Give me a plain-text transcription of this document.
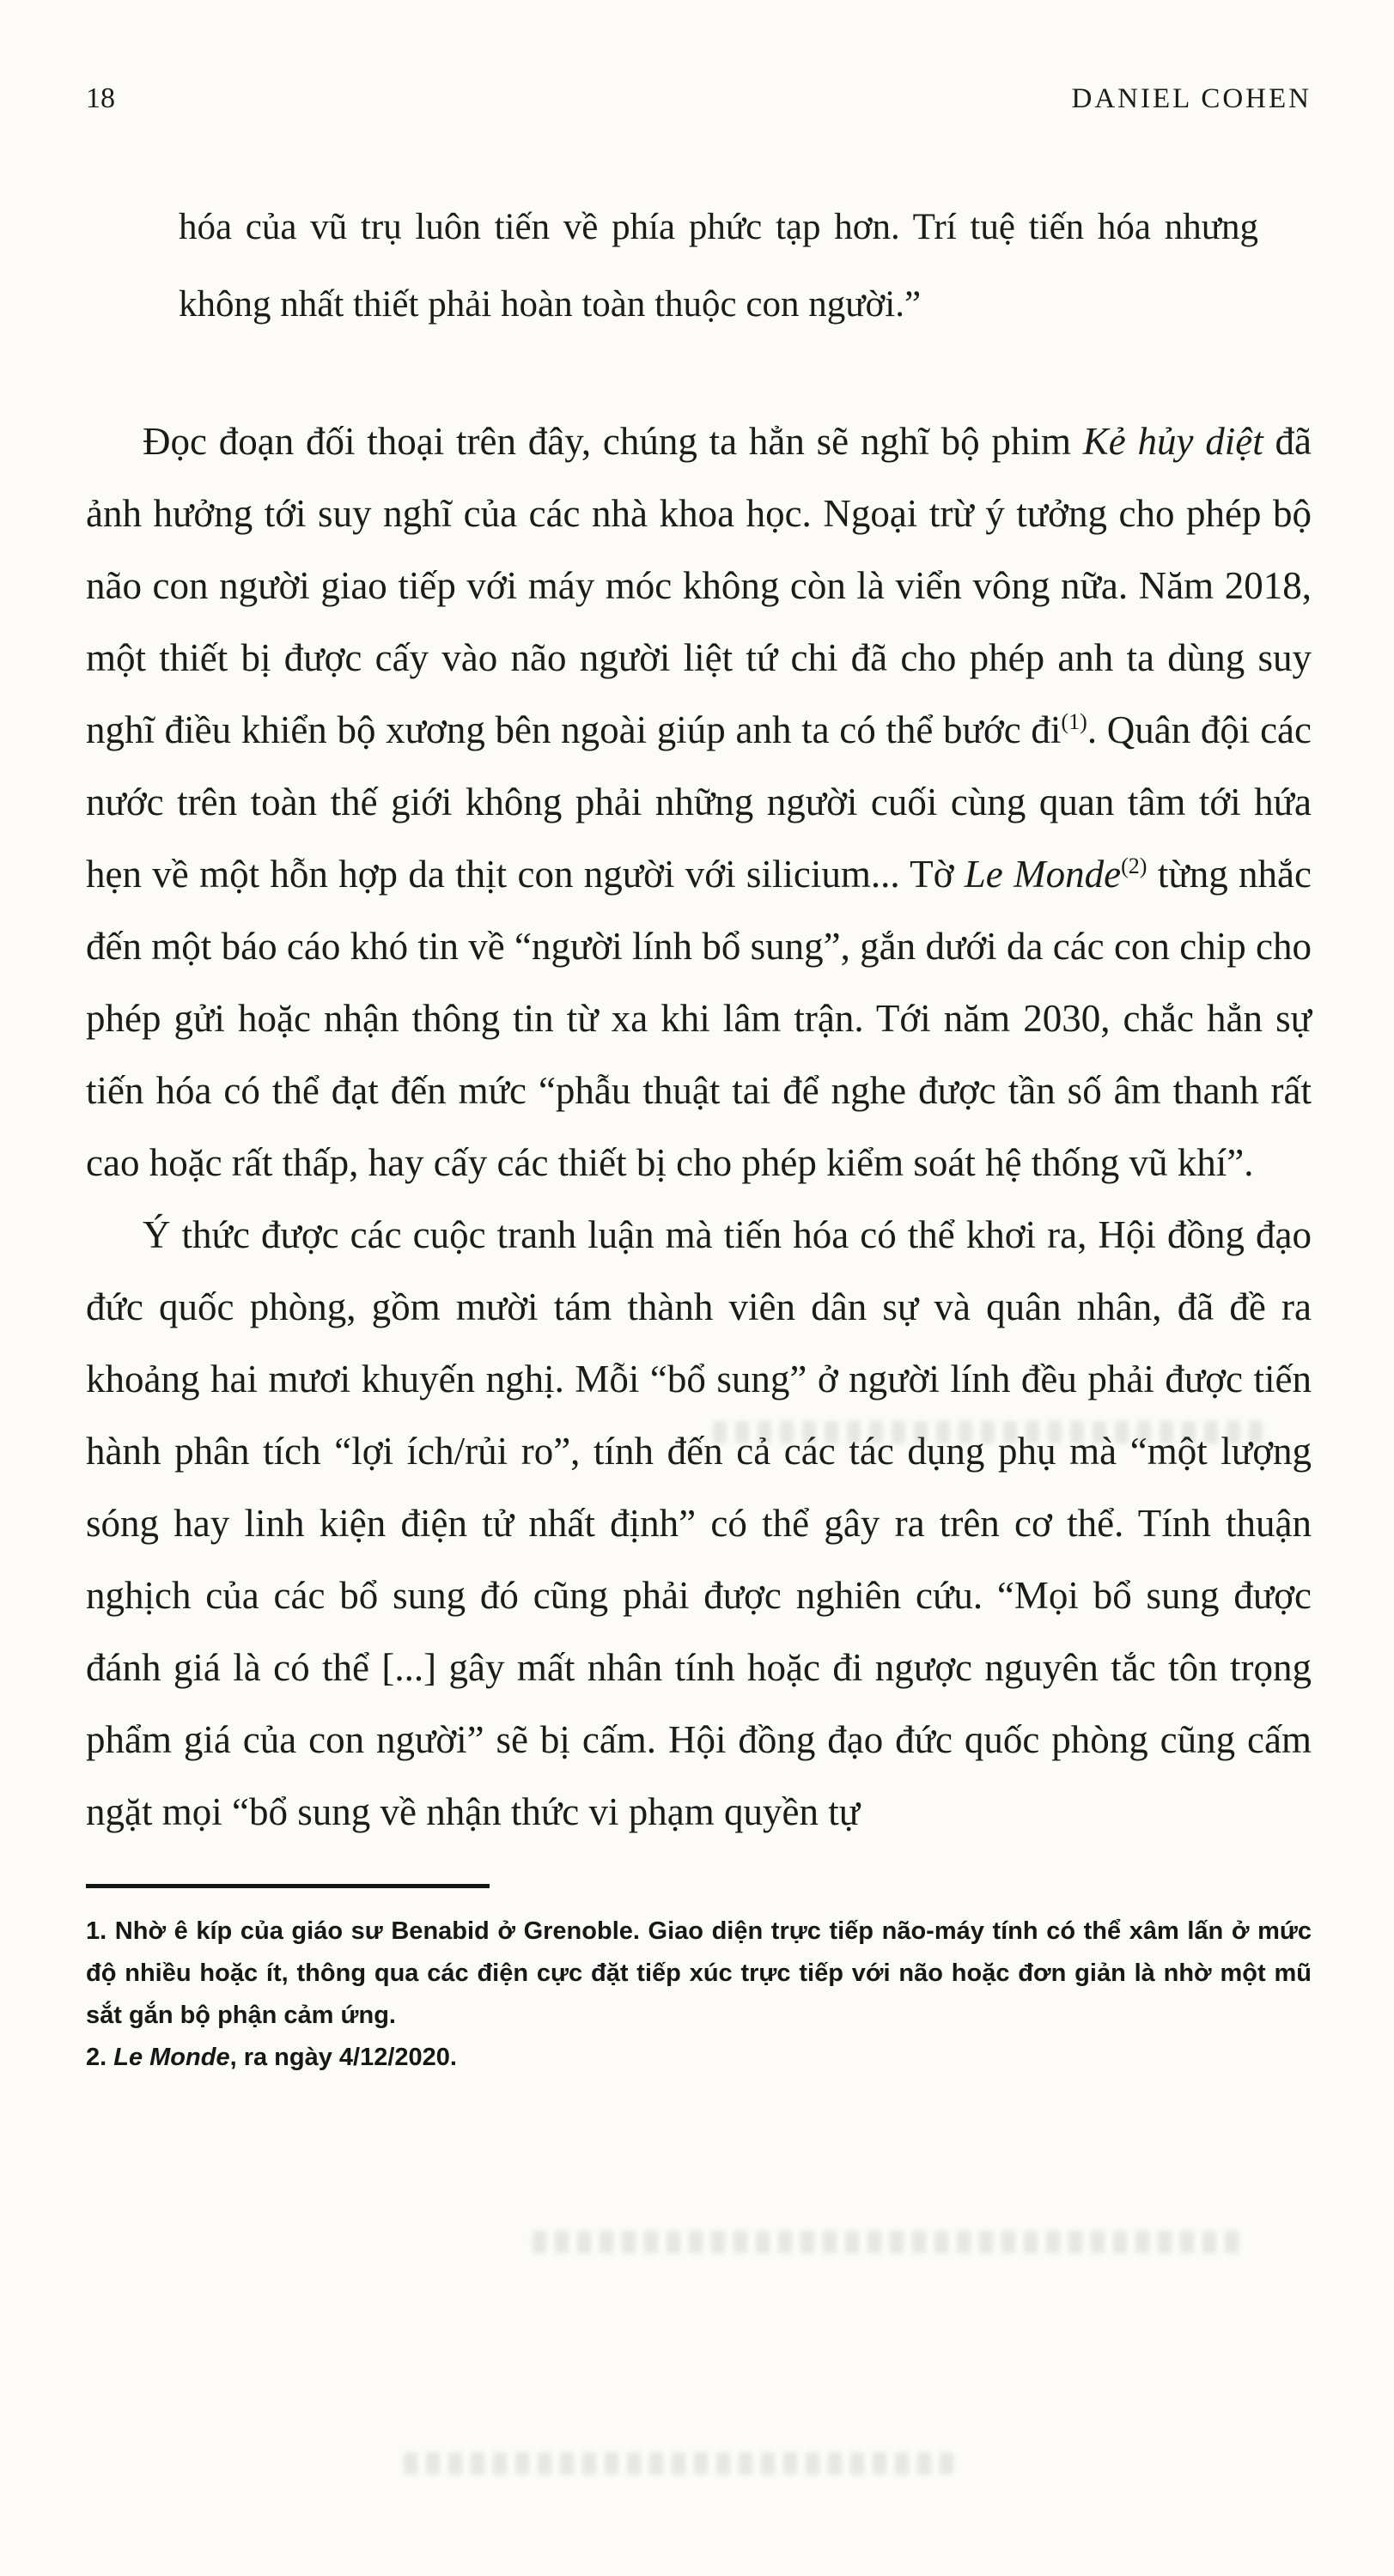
18	DANIEL COHEN

hóa của vũ trụ luôn tiến về phía phức tạp hơn. Trí tuệ tiến hóa nhưng không nhất thiết phải hoàn toàn thuộc con người.”

Đọc đoạn đối thoại trên đây, chúng ta hẳn sẽ nghĩ bộ phim Kẻ hủy diệt đã ảnh hưởng tới suy nghĩ của các nhà khoa học. Ngoại trừ ý tưởng cho phép bộ não con người giao tiếp với máy móc không còn là viển vông nữa. Năm 2018, một thiết bị được cấy vào não người liệt tứ chi đã cho phép anh ta dùng suy nghĩ điều khiển bộ xương bên ngoài giúp anh ta có thể bước đi$^{(1)}$. Quân đội các nước trên toàn thế giới không phải những người cuối cùng quan tâm tới hứa hẹn về một hỗn hợp da thịt con người với silicium... Tờ Le Monde$^{(2)}$ từng nhắc đến một báo cáo khó tin về “người lính bổ sung”, gắn dưới da các con chip cho phép gửi hoặc nhận thông tin từ xa khi lâm trận. Tới năm 2030, chắc hẳn sự tiến hóa có thể đạt đến mức “phẫu thuật tai để nghe được tần số âm thanh rất cao hoặc rất thấp, hay cấy các thiết bị cho phép kiểm soát hệ thống vũ khí”.

Ý thức được các cuộc tranh luận mà tiến hóa có thể khơi ra, Hội đồng đạo đức quốc phòng, gồm mười tám thành viên dân sự và quân nhân, đã đề ra khoảng hai mươi khuyến nghị. Mỗi “bổ sung” ở người lính đều phải được tiến hành phân tích “lợi ích/rủi ro”, tính đến cả các tác dụng phụ mà “một lượng sóng hay linh kiện điện tử nhất định” có thể gây ra trên cơ thể. Tính thuận nghịch của các bổ sung đó cũng phải được nghiên cứu. “Mọi bổ sung được đánh giá là có thể [...] gây mất nhân tính hoặc đi ngược nguyên tắc tôn trọng phẩm giá của con người” sẽ bị cấm. Hội đồng đạo đức quốc phòng cũng cấm ngặt mọi “bổ sung về nhận thức vi phạm quyền tự

1. Nhờ ê kíp của giáo sư Benabid ở Grenoble. Giao diện trực tiếp não-máy tính có thể xâm lấn ở mức độ nhiều hoặc ít, thông qua các điện cực đặt tiếp xúc trực tiếp với não hoặc đơn giản là nhờ một mũ sắt gắn bộ phận cảm ứng.

2. Le Monde, ra ngày 4/12/2020.
